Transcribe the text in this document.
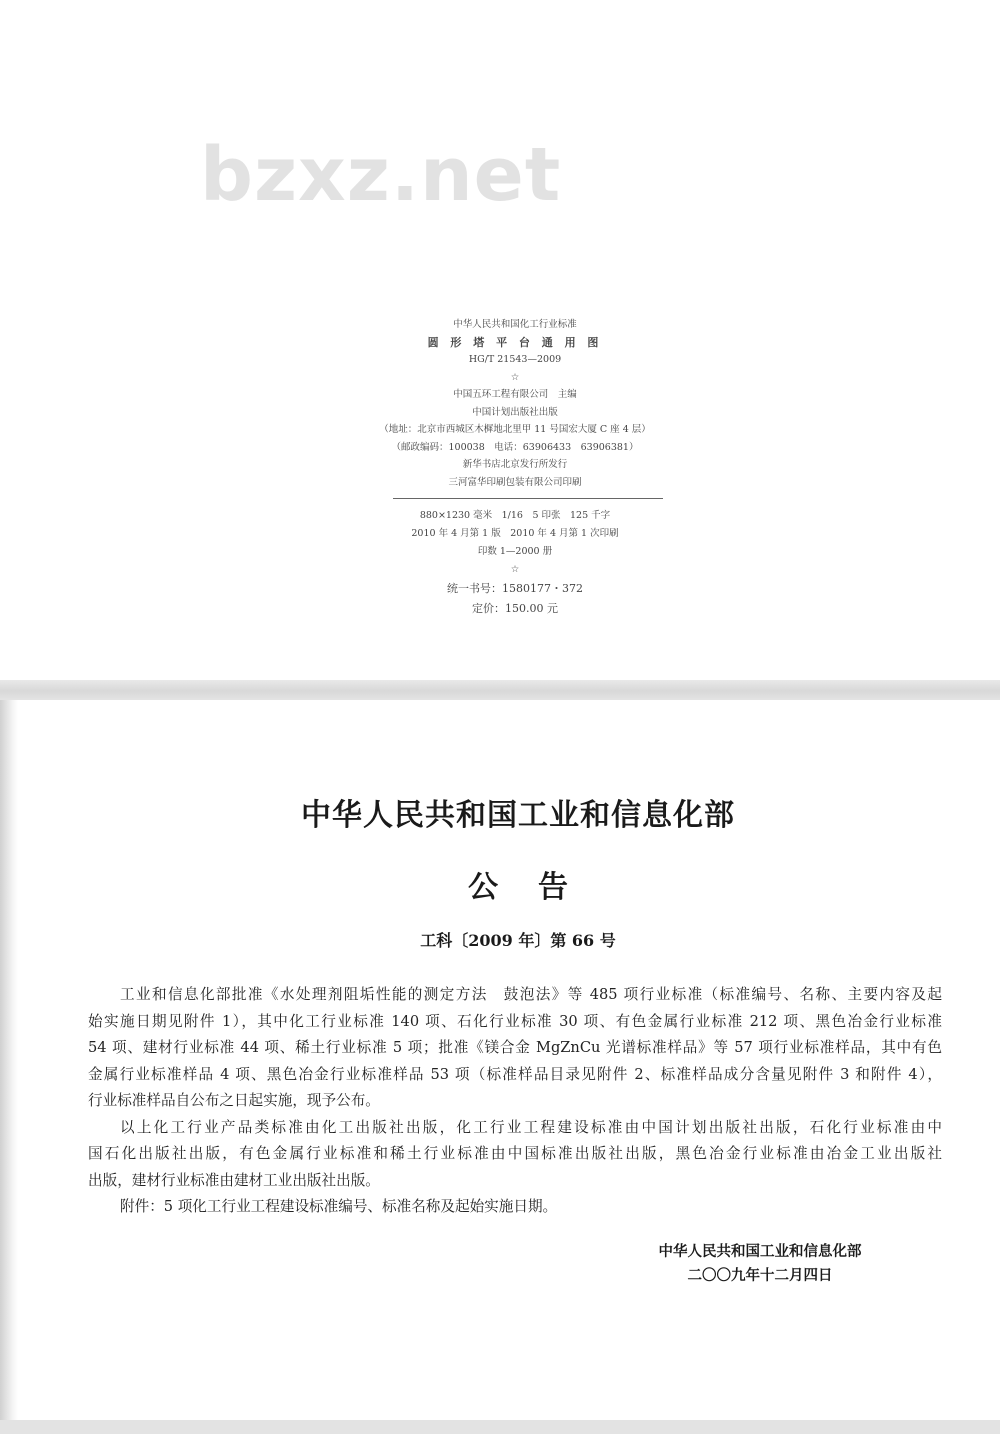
bzxz.net
中华人民共和国化工行业标准
圆 形 塔 平 台 通 用 图
HG/T 21543—2009
☆
中国五环工程有限公司　主编
中国计划出版社出版
（地址：北京市西城区木樨地北里甲 11 号国宏大厦 C 座 4 层）
（邮政编码：100038　电话：63906433　63906381）
新华书店北京发行所发行
三河富华印刷包装有限公司印刷
880×1230 毫米　1/16　5 印张　125 千字
2010 年 4 月第 1 版　2010 年 4 月第 1 次印刷
印数 1—2000 册
☆
统一书号：1580177・372
定价：150.00 元
中华人民共和国工业和信息化部
公告
工科〔2009 年〕第 66 号
工业和信息化部批准《水处理剂阻垢性能的测定方法　鼓泡法》等 485 项行业标准（标准编号、名称、主要内容及起
始实施日期见附件 1），其中化工行业标准 140 项、石化行业标准 30 项、有色金属行业标准 212 项、黑色冶金行业标准
54 项、建材行业标准 44 项、稀土行业标准 5 项；批准《镁合金 MgZnCu 光谱标准样品》等 57 项行业标准样品，其中有色
金属行业标准样品 4 项、黑色冶金行业标准样品 53 项（标准样品目录见附件 2、标准样品成分含量见附件 3 和附件 4），
行业标准样品自公布之日起实施，现予公布。
以上化工行业产品类标准由化工出版社出版，化工行业工程建设标准由中国计划出版社出版，石化行业标准由中
国石化出版社出版，有色金属行业标准和稀土行业标准由中国标准出版社出版，黑色冶金行业标准由冶金工业出版社
出版，建材行业标准由建材工业出版社出版。
附件：5 项化工行业工程建设标准编号、标准名称及起始实施日期。
中华人民共和国工业和信息化部
二〇〇九年十二月四日
